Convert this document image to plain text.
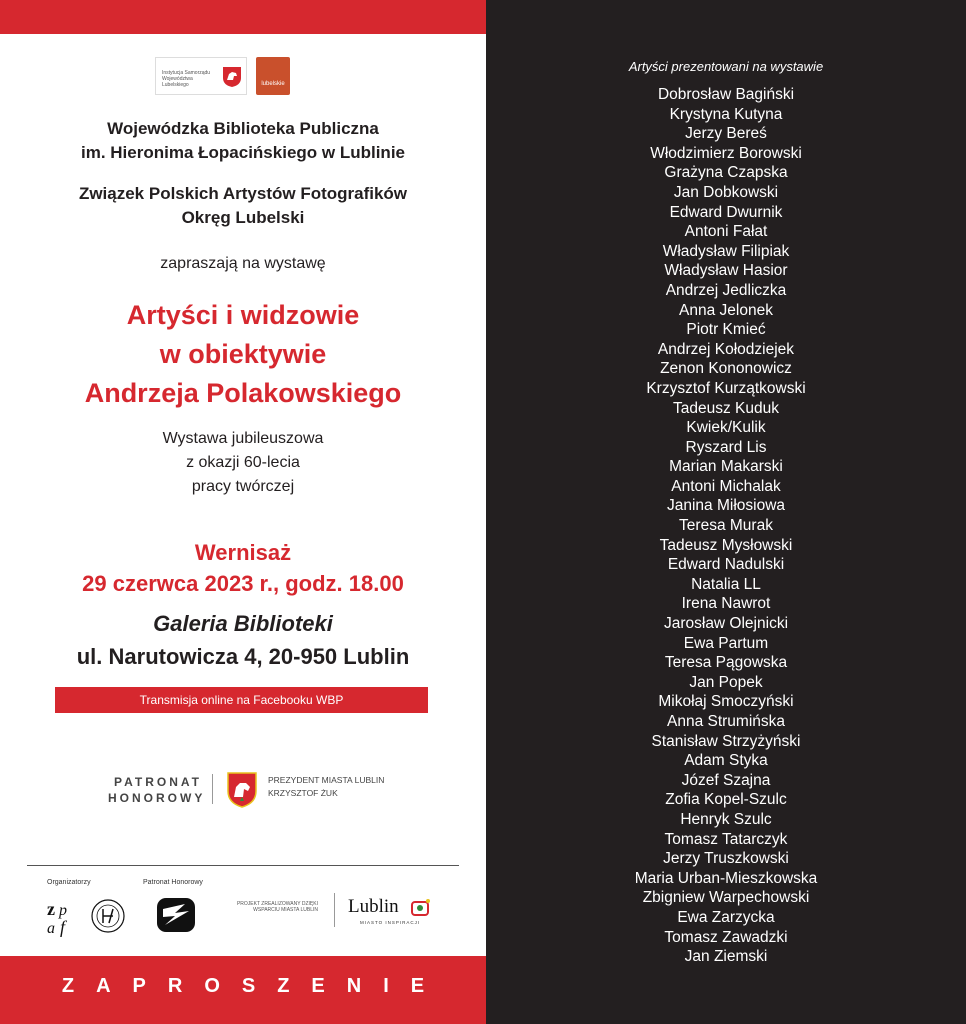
Instytucja Samorządu Województwa Lubelskiego	lubelskie
Wojewódzka Biblioteka Publiczna
im. Hieronima Łopacińskiego w Lublinie
Związek Polskich Artystów Fotografików
Okręg Lubelski
zapraszają na wystawę
Artyści i widzowie
w obiektywie
Andrzeja Polakowskiego
Wystawa jubileuszowa
z okazji 60-lecia
pracy twórczej
Wernisaż
29 czerwca 2023 r., godz. 18.00
Galeria Biblioteki
ul. Narutowicza 4, 20-950 Lublin
Transmisja online na Facebooku WBP
PATRONAT
HONOROWY
PREZYDENT MIASTA LUBLIN
KRZYSZTOF ŻUK
Organizatorzy	Patronat Honorowy
z p
a f
PROJEKT ZREALIZOWANY DZIĘKI WSPARCIU MIASTA LUBLIN Lublin
MIASTO INSPIRACJI
ZAPROSZENIE
Artyści prezentowani na wystawie
Dobrosław Bagiński
Krystyna Kutyna
Jerzy Bereś
Włodzimierz Borowski
Grażyna Czapska
Jan Dobkowski
Edward Dwurnik
Antoni Fałat
Władysław Filipiak
Władysław Hasior
Andrzej Jedliczka
Anna Jelonek
Piotr Kmieć
Andrzej Kołodziejek
Zenon Kononowicz
Krzysztof Kurzątkowski
Tadeusz Kuduk
Kwiek/Kulik
Ryszard Lis
Marian Makarski
Antoni Michalak
Janina Miłosiowa
Teresa Murak
Tadeusz Mysłowski
Edward Nadulski
Natalia LL
Irena Nawrot
Jarosław Olejnicki
Ewa Partum
Teresa Pągowska
Jan Popek
Mikołaj Smoczyński
Anna Strumińska
Stanisław Strzyżyński
Adam Styka
Józef Szajna
Zofia Kopel-Szulc
Henryk Szulc
Tomasz Tatarczyk
Jerzy Truszkowski
Maria Urban-Mieszkowska
Zbigniew Warpechowski
Ewa Zarzycka
Tomasz Zawadzki
Jan Ziemski
